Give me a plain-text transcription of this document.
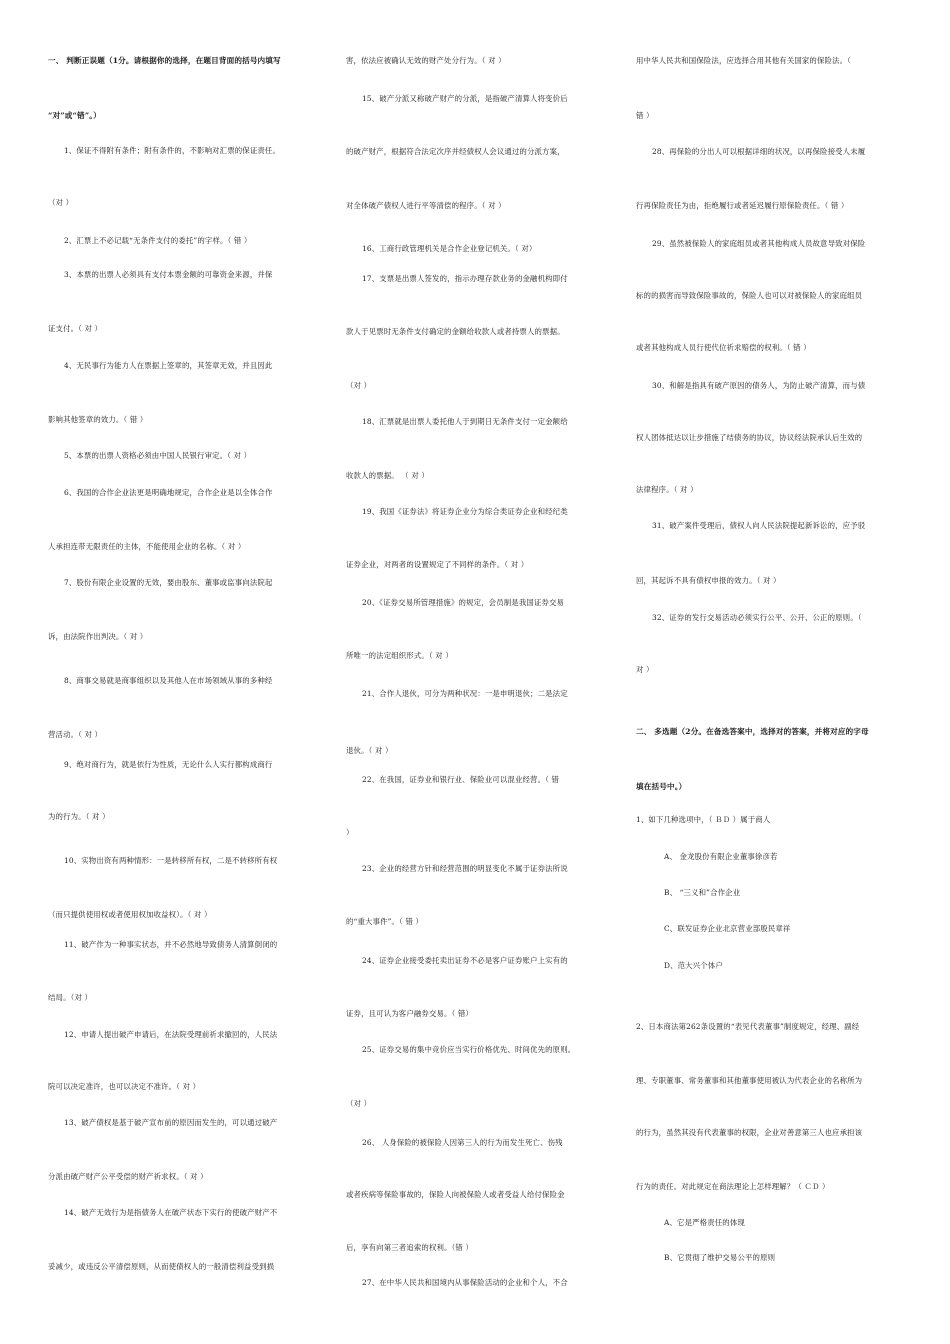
一、 判断正误题（1分。请根据你的选择，在题目背面的括号内填写
“对”或“错”。）
1、保证不得附有条件；附有条件的，不影响对汇票的保证责任。
（对 ）
2、汇票上不必记载“无条件支付的委托”的字样。（ 错 ）
3、本票的出票人必须具有支付本票金额的可靠资金来源，并保
证支付。（ 对 ）
4、无民事行为能力人在票据上签章的，其签章无效，并且因此
影响其他签章的效力。（ 错 ）
5、本票的出票人资格必须由中国人民银行审定。（ 对 ）
6、我国的合作企业法更是明确地规定，合作企业是以全体合作
人承担连带无限责任的主体，不能使用企业的名称。（ 对 ）
7、股份有限企业设置的无效，要由股东、董事或监事向法院起
诉，由法院作出判决。（ 对 ）
8、商事交易就是商事组织以及其他人在市场领域从事的多种经
营活动。（ 对 ）
9、绝对商行为，就是依行为性质，无论什么人实行都构成商行
为的行为。（ 对 ）
10、实物出资有两种情形：一是转移所有权，二是不转移所有权
（而只提供使用权或者使用权加收益权）。（ 对 ）
11、破产作为一种事实状态，并不必然地导致债务人清算倒闭的
结局。（对 ）
12、申请人提出破产申请后，在法院受理前祈求撤回的，人民法
院可以决定准许，也可以决定不准许。（ 对 ）
13、破产债权是基于破产宣布前的原因而发生的，可以通过破产
分派由破产财产公平受偿的财产祈求权。（ 对 ）
14、破产无效行为是指债务人在破产状态下实行的使破产财产不
妥减少，或违反公平清偿原则，从而使债权人的一般清偿利益受到损
害，依法应被确认无效的财产处分行为。（ 对 ）
15、破产分派又称破产财产的分派，是指破产清算人将变价后
的破产财产，根据符合法定次序并经债权人会议通过的分派方案，
对全体破产债权人进行平等清偿的程序。（ 对 ）
16、工商行政管理机关是合作企业登记机关。（ 对）
17、支票是出票人签发的，指示办理存款业务的金融机构即付
款人于见票时无条件支付确定的金额给收款人或者持票人的票据。
（对 ）
18、汇票就是出票人委托他人于到期日无条件支付一定金额给
收款人的票据。 （ 对 ）
19、我国《证券法》将证券企业分为综合类证券企业和经纪类
证券企业，对两者的设置规定了不同样的条件。（ 对 ）
20、《证券交易所管理措施》的规定，会员制是我国证券交易
所唯一的法定组织形式。（ 对 ）
21、合作人退伙，可分为两种状况：一是申明退伙；二是法定
退伙。（ 对 ）
22、在我国，证券业和银行业、保险业可以混业经营。（ 错
）
23、企业的经营方针和经营范围的明显变化不属于证券法所说
的“重大事件”。（ 错 ）
24、证券企业接受委托卖出证券不必是客户证券账户上实有的
证券，且可认为客户融券交易。（ 错）
25、证券交易的集中竞价应当实行价格优先、时间优先的原则。
（对 ）
26、 人身保险的被保险人因第三人的行为而发生死亡、伤残
或者疾病等保险事故的，保险人向被保险人或者受益人给付保险金
后，享有向第三者追索的权利。（错 ）
27、在中华人民共和国境内从事保险活动的企业和个人，不合
用中华人民共和国保险法，应选择合用其他有关国家的保险法。（
错 ）
28、再保险的分出人可以根据详细的状况，以再保险接受人未履
行再保险责任为由，拒绝履行或者延迟履行原保险责任。（ 错 ）
29、虽然被保险人的家庭组员或者其他构成人员故意导致对保险
标的的损害而导致保险事故的，保险人也可以对被保险人的家庭组员
或者其他构成人员行使代位祈求赔偿的权利。（ 错 ）
30、和解是指具有破产原因的债务人，为防止破产清算，而与债
权人团体抵达以让步措施了结债务的协议，协议经法院承认后生效的
法律程序。（ 对 ）
31、破产案件受理后，债权人向人民法院提起新诉讼的，应予驳
回，其起诉不具有债权申报的效力。（ 对 ）
32、证券的发行交易活动必须实行公平、公开、公正的原则。（
对 ）
二、 多选题（2分。在备选答案中，选择对的答案，并将对应的字母
填在括号中。）
1、如下几种选项中，（ ＢＤ ）属于商人
A、 金龙股份有限企业董事徐彦若
B、 “三义和”合作企业
C、联发证券企业北京营业部殷民章祥
D、范大兴个体户
2、日本商法第262条设置的“表见代表董事”制度规定，经理、副经
理、专职董事、常务董事和其他董事使用被认为代表企业的名称所为
的行为，虽然其没有代表董事的权限，企业对善意第三人也应承担该
行为的责任。对此规定在商法理论上怎样理解？（ ＣＤ ）
A、它是严格责任的体现
B、它贯彻了维护交易公平的原则
